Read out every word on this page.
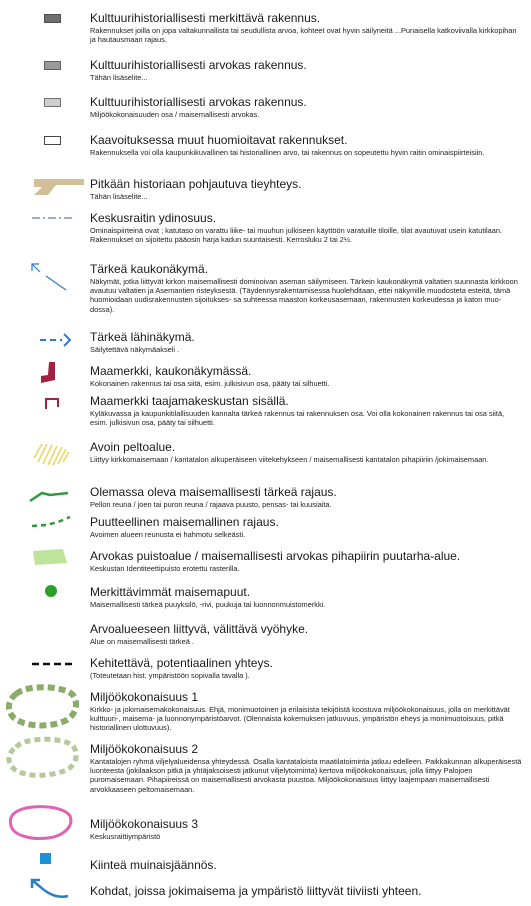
Kulttuurihistoriallisesti merkittävä rakennus.
Rakennukset joilla on jopa valtakunnallista tai seudullista arvoa, kohteet ovat hyvin säilyneitä ...Punaisella katkoviivalla kirkkopihan ja hautausmaan rajaus.
Kulttuurihistoriallisesti arvokas rakennus.
Tähän lisäselite...
Kulttuurihistoriallisesti arvokas rakennus.
Miljöökokonaisuuden osa / maisemallisesti arvokas.
Kaavoituksessa muut huomioitavat rakennukset.
Rakennuksella voi olla kaupunkikuvallinen tai historiallinen arvo, tai rakennus on sopeutettu hyvin raitin ominaispiirteisiin.
Pitkään historiaan pohjautuva tieyhteys.
Tähän lisäselite...
Keskusraitin ydinosuus.
Ominaispiirteinä ovat ; katutaso on varattu liike- tai muuhun julkiseen käyttöön varatuille tiloille, tilat avautuvat usein katutilaan. Rakennukset on sijoitettu pääosin harja kadun suuntaisesti. Kerrosluku 2 tai 2½.
Tärkeä kaukonäkymä.
Näkymät, jotka liittyvät kirkon maisemallisesti dominoivan aseman säilymiseen. Tärkein kaukonäkymä valtatien suunnasta kirkkoon avautuu valtatien ja Asemantien risteyksestä. (Täydennysrakentamisessa huolehditaan, ettei näkymille muodosteta esteitä, tämä huomioidaan uudisrakennusten sijoitukses- sa suhteessa maaston korkeusasemaan, rakennusten korkeudessa ja katon muo- dossa).
Tärkeä lähinäkymä.
Säilytettävä näkymäakseli .
Maamerkki, kaukonäkymässä.
Kokonainen rakennus tai osa siitä, esim. julkisivun osa, pääty tai silhuetti.
Maamerkki taajamakeskustan sisällä.
Kyläkuvassa ja kaupunkitilallisuuden kannalta tärkeä rakennus tai rakennuksen osa. Voi olla kokonainen rakennus tai osa siitä, esim. julkisivun osa, pääty tai silhuetti.
Avoin peltoalue.
Liittyy kirkkomaisemaan / kantatalon alkuperäiseen viitekehykseen / maisemallisesti kantatalon pihapiiriin /jokimaisemaan.
Olemassa oleva maisemallisesti tärkeä rajaus.
Pellon reuna / joen tai puron reuna / rajaava puusto, pensas- tai kuusiaita.
Puutteellinen maisemallinen rajaus.
Avoimen alueen reunusta ei hahmotu selkeästi.
Arvokas puistoalue / maisemallisesti arvokas pihapiirin puutarha-alue.
Keskustan Identiteettipuisto erotettu rasterilla.
Merkittävimmät maisemapuut.
Maisemallisesti tärkeä puuyksilö, -rivi, puukuja tai luonnonmuistomerkki.
Arvoalueeseen liittyvä, välittävä vyöhyke.
Alue on maisemallisesti tärkeä .
Kehitettävä, potentiaalinen yhteys.
(Toteutetaan hist. ympäristöön sopivalla tavalla ).
Miljöökokonaisuus 1
Kirkko- ja jokimaisemakokonaisuus. Ehjä, monimuotoinen ja erilaisista tekijöistä koostuva miljöökokonaisuus, jolla on merkittävät kulttuuri-, maisema- ja luonnonympäristöarvot. (Olennaista kokemuksen jatkuvuus, ympäristön eheys ja monimuotoisuus, pitkä historiallinen ulottuvuus).
Miljöökokonaisuus 2
Kantatalojen ryhmä viljelyalueidensa yhteydessä. Osalla kantataloista maatilatoiminta jatkuu edelleen. Paikkakunnan alkuperäisestä luonteesta (jokilaakson pitkä ja yhtäjaksoisesti jatkunut viljelytoiminta) kertova miljöökokonaisuus, jolla liittyy Palojoen puromaisemaan. Pihapiireissä on maisemallisesti arvokasta puustoa. Miljöökokonaisuus liittyy laajempaan maisemallisesti arvokkaaseen peltomaisemaan.
Miljöökokonaisuus 3
Keskusraittiympäristö
Kiinteä muinaisjäännös.
Kohdat, joissa jokimaisema ja ympäristö liittyvät tiiviisti yhteen.
